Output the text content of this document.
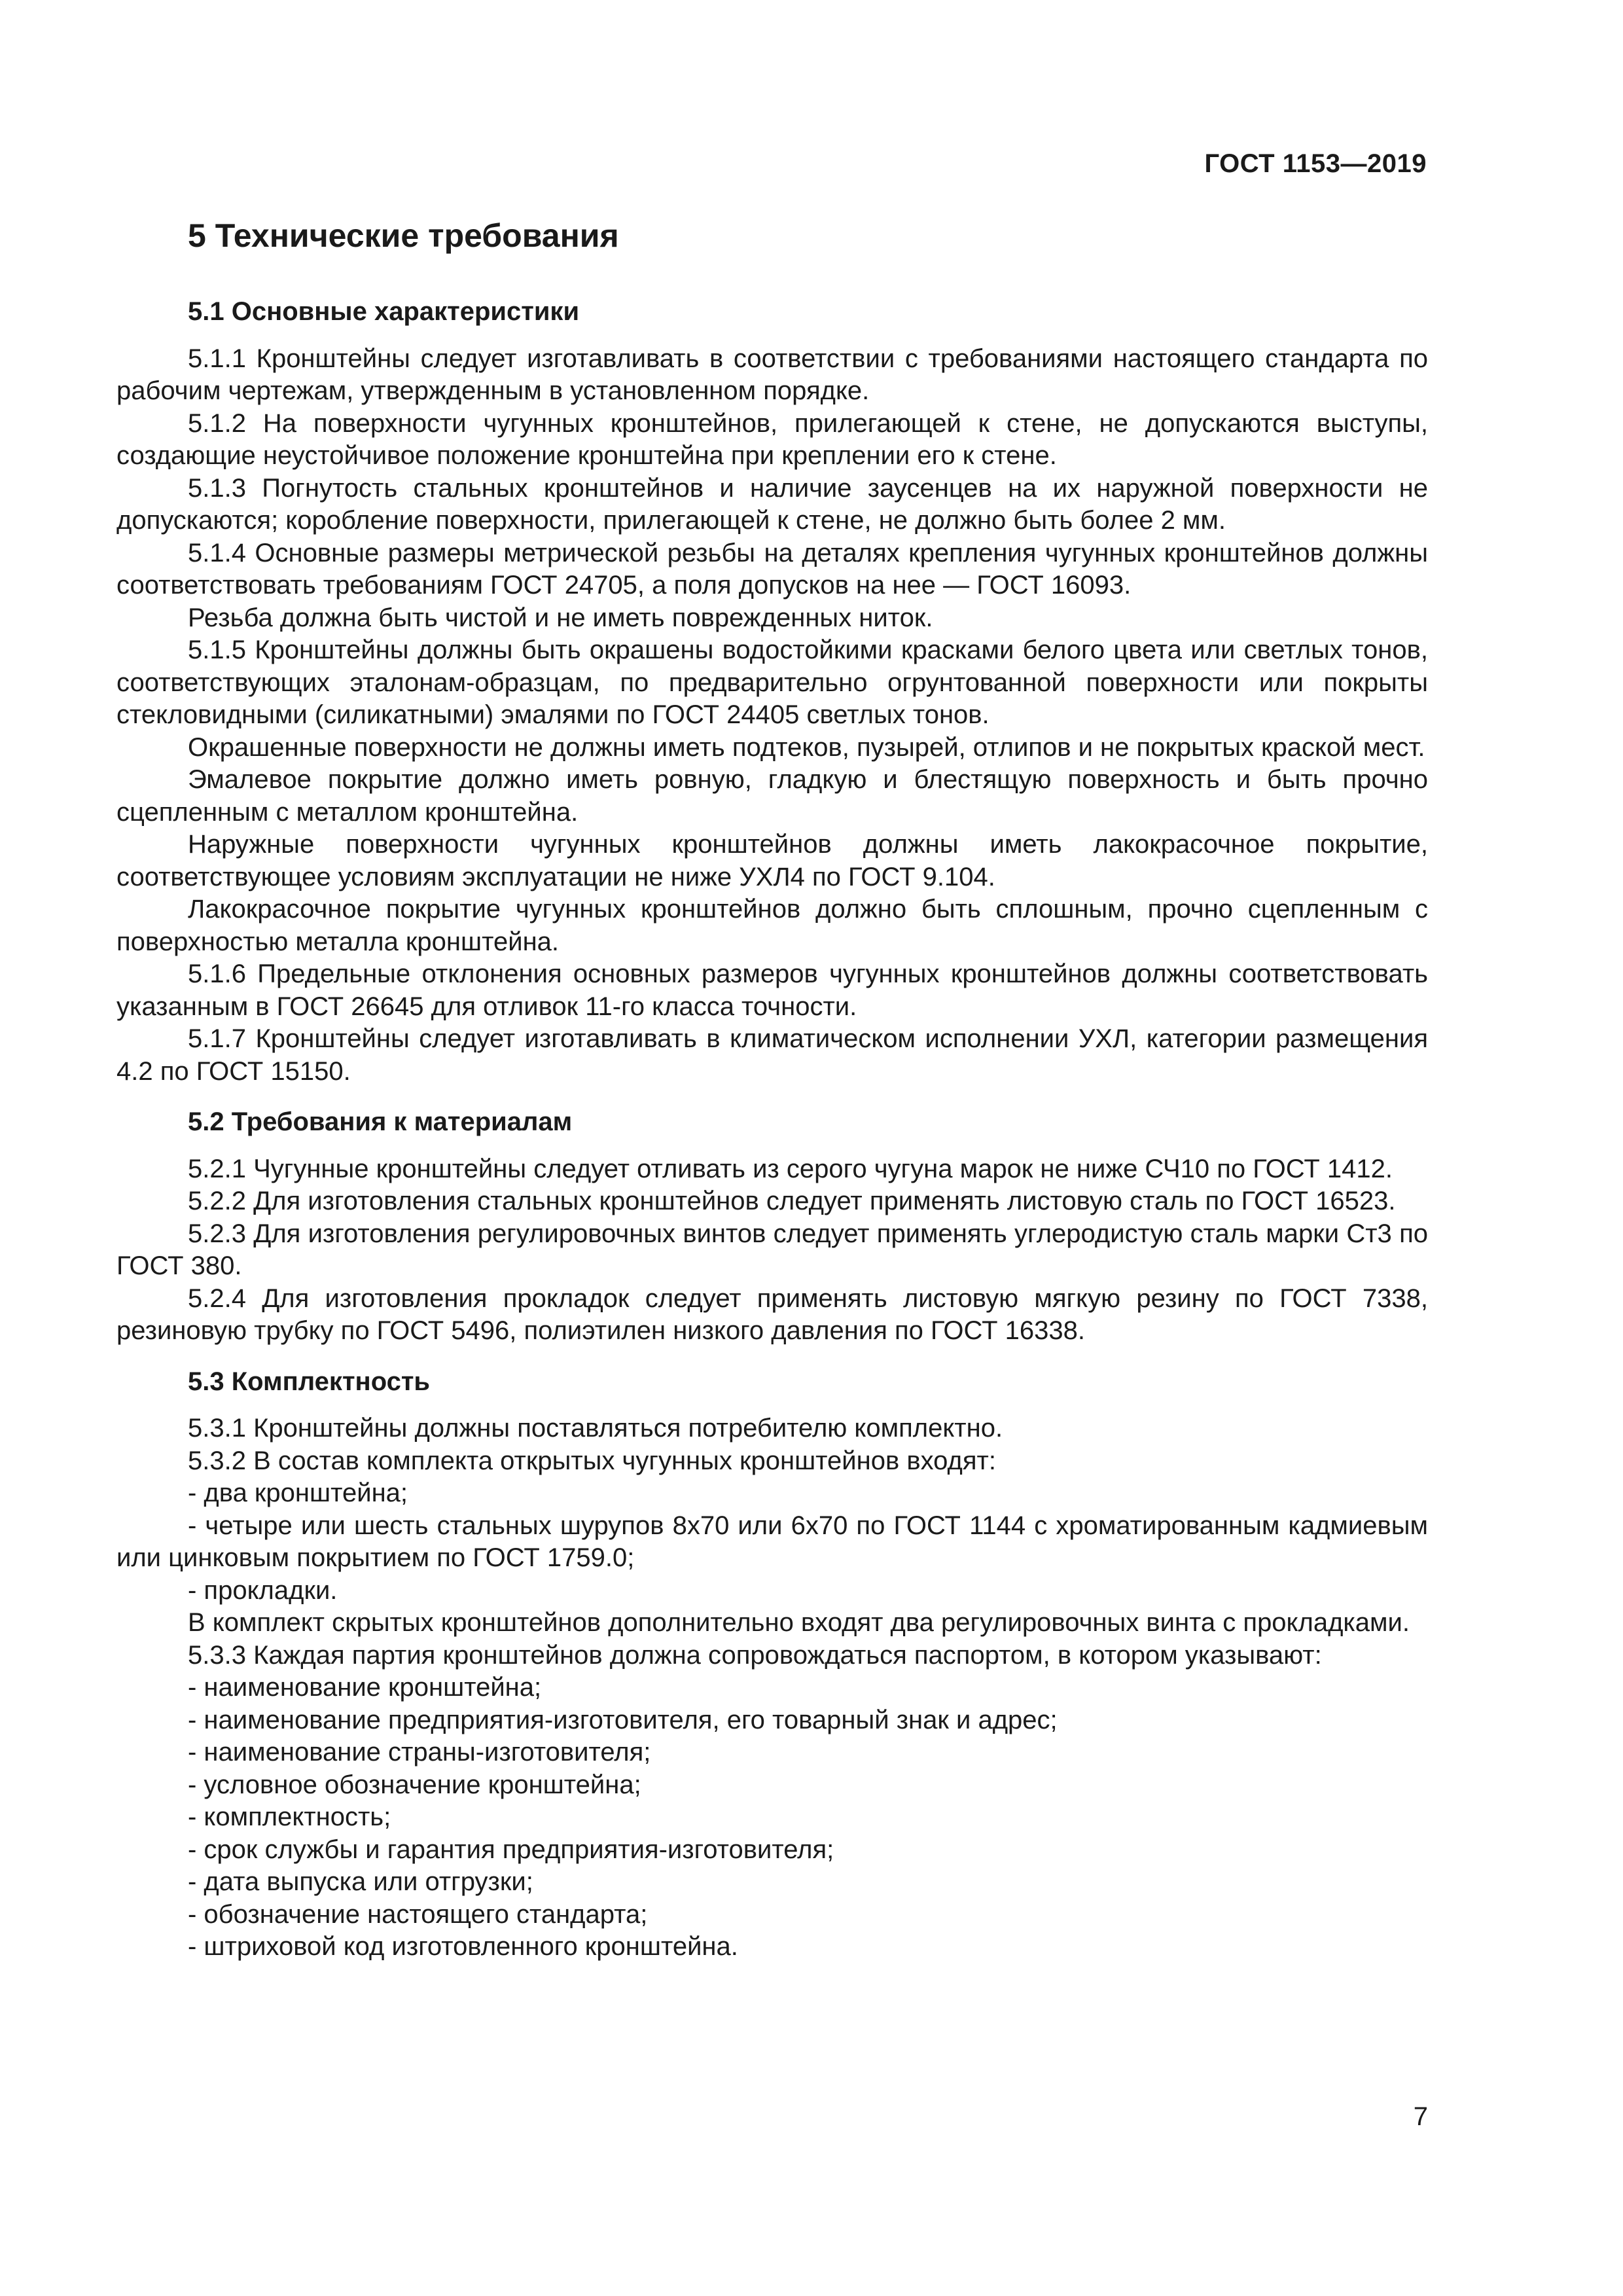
ГОСТ 1153—2019
5 Технические требования
5.1 Основные характеристики

5.1.1 Кронштейны следует изготавливать в соответствии с требованиями настоящего стандарта по рабочим чертежам, утвержденным в установленном порядке.

5.1.2 На поверхности чугунных кронштейнов, прилегающей к стене, не допускаются выступы, создающие неустойчивое положение кронштейна при креплении его к стене.

5.1.3 Погнутость стальных кронштейнов и наличие заусенцев на их наружной поверхности не допускаются; коробление поверхности, прилегающей к стене, не должно быть более 2 мм.

5.1.4 Основные размеры метрической резьбы на деталях крепления чугунных кронштейнов должны соответствовать требованиям ГОСТ 24705, а поля допусков на нее — ГОСТ 16093.

Резьба должна быть чистой и не иметь поврежденных ниток.

5.1.5 Кронштейны должны быть окрашены водостойкими красками белого цвета или светлых тонов, соответствующих эталонам-образцам, по предварительно огрунтованной поверхности или покрыты стекловидными (силикатными) эмалями по ГОСТ 24405 светлых тонов.

Окрашенные поверхности не должны иметь подтеков, пузырей, отлипов и не покрытых краской мест.

Эмалевое покрытие должно иметь ровную, гладкую и блестящую поверхность и быть прочно сцепленным с металлом кронштейна.

Наружные поверхности чугунных кронштейнов должны иметь лакокрасочное покрытие, соответствующее условиям эксплуатации не ниже УХЛ4 по ГОСТ 9.104.

Лакокрасочное покрытие чугунных кронштейнов должно быть сплошным, прочно сцепленным с поверхностью металла кронштейна.

5.1.6 Предельные отклонения основных размеров чугунных кронштейнов должны соответствовать указанным в ГОСТ 26645 для отливок 11-го класса точности.

5.1.7 Кронштейны следует изготавливать в климатическом исполнении УХЛ, категории размещения 4.2 по ГОСТ 15150.

5.2 Требования к материалам

5.2.1 Чугунные кронштейны следует отливать из серого чугуна марок не ниже СЧ10 по ГОСТ 1412.

5.2.2 Для изготовления стальных кронштейнов следует применять листовую сталь по ГОСТ 16523.

5.2.3 Для изготовления регулировочных винтов следует применять углеродистую сталь марки Ст3 по ГОСТ 380.

5.2.4 Для изготовления прокладок следует применять листовую мягкую резину по ГОСТ 7338, резиновую трубку по ГОСТ 5496, полиэтилен низкого давления по ГОСТ 16338.

5.3 Комплектность

5.3.1 Кронштейны должны поставляться потребителю комплектно.

5.3.2 В состав комплекта открытых чугунных кронштейнов входят:

- два кронштейна;

- четыре или шесть стальных шурупов 8х70 или 6х70 по ГОСТ 1144 с хроматированным кадмиевым или цинковым покрытием по ГОСТ 1759.0;

- прокладки.

В комплект скрытых кронштейнов дополнительно входят два регулировочных винта с прокладками.

5.3.3 Каждая партия кронштейнов должна сопровождаться паспортом, в котором указывают:

- наименование кронштейна;

- наименование предприятия-изготовителя, его товарный знак и адрес;

- наименование страны-изготовителя;

- условное обозначение кронштейна;

- комплектность;

- срок службы и гарантия предприятия-изготовителя;

- дата выпуска или отгрузки;

- обозначение настоящего стандарта;

- штриховой код изготовленного кронштейна.

7
